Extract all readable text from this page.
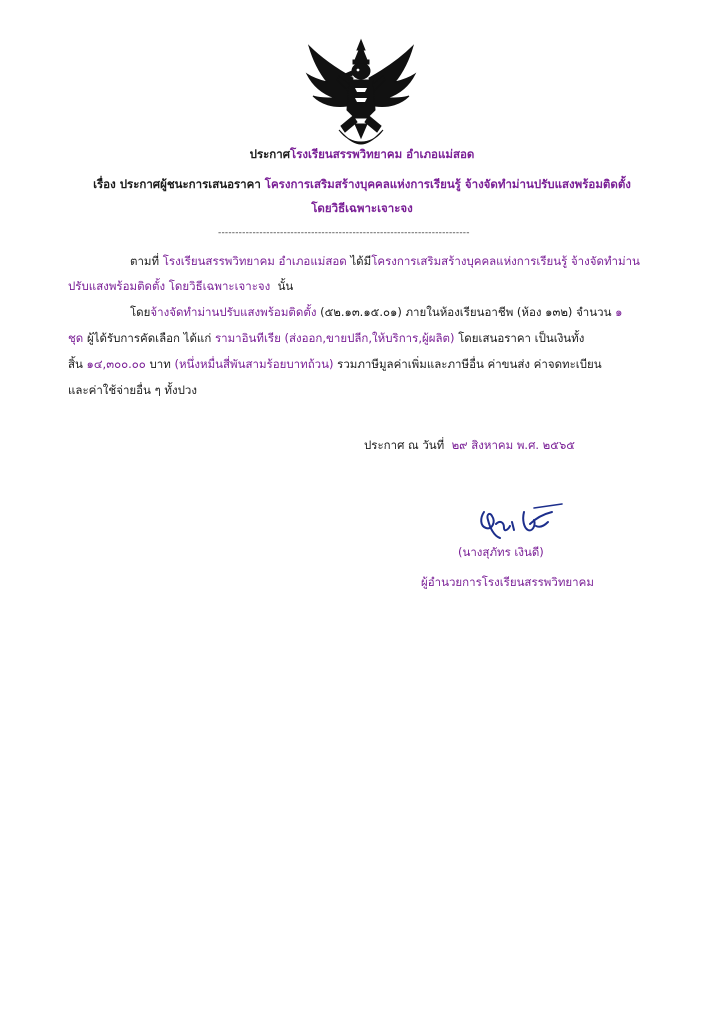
ประกาศโรงเรียนสรรพวิทยาคม อำเภอแม่สอด
เรื่อง ประกาศผู้ชนะการเสนอราคา โครงการเสริมสร้างบุคคลแห่งการเรียนรู้ จ้างจัดทำม่านปรับแสงพร้อมติดตั้ง
โดยวิธีเฉพาะเจาะจง
-------------------------------------------------------------------------
ตามที่ โรงเรียนสรรพวิทยาคม อำเภอแม่สอด ได้มีโครงการเสริมสร้างบุคคลแห่งการเรียนรู้ จ้างจัดทำม่าน
ปรับแสงพร้อมติดตั้ง โดยวิธีเฉพาะเจาะจง นั้น
โดยจ้างจัดทำม่านปรับแสงพร้อมติดตั้ง (๕๒.๑๓.๑๕.๐๑) ภายในห้องเรียนอาชีพ (ห้อง ๑๓๒) จำนวน ๑
ชุด ผู้ได้รับการคัดเลือก ได้แก่ รามาอินทีเรีย (ส่งออก,ขายปลีก,ให้บริการ,ผู้ผลิต) โดยเสนอราคา เป็นเงินทั้ง
สิ้น ๑๔,๓๐๐.๐๐ บาท (หนึ่งหมื่นสี่พันสามร้อยบาทถ้วน) รวมภาษีมูลค่าเพิ่มและภาษีอื่น ค่าขนส่ง ค่าจดทะเบียน
และค่าใช้จ่ายอื่น ๆ ทั้งปวง
ประกาศ ณ วันที่ ๒๙ สิงหาคม พ.ศ. ๒๕๖๕
(นางสุภัทร เงินดี)
ผู้อำนวยการโรงเรียนสรรพวิทยาคม
